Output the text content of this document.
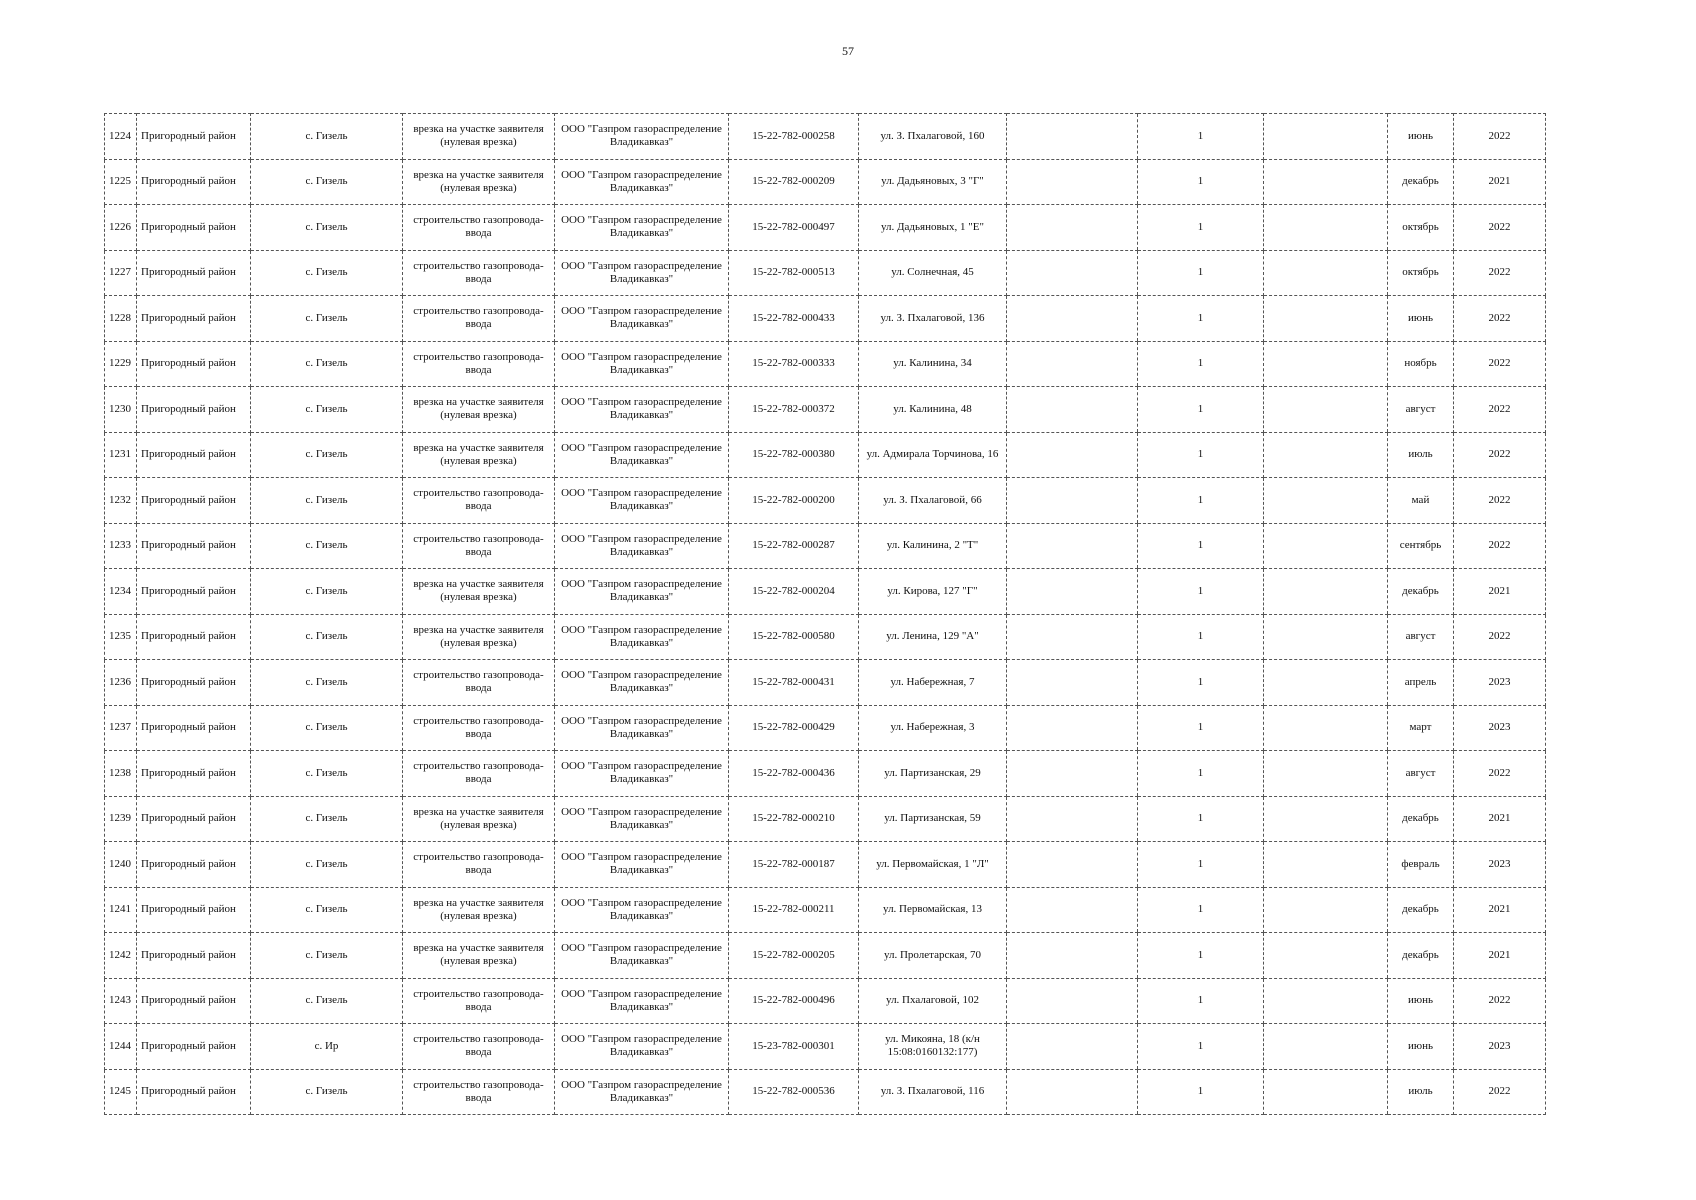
57
1224	Пригородный район	с. Гизель	врезка на участке заявителя (нулевая врезка)	ООО "Газпром газораспределение Владикавказ"	15-22-782-000258	ул. З. Пхалаговой, 160		1		июнь	2022
1225	Пригородный район	с. Гизель	врезка на участке заявителя (нулевая врезка)	ООО "Газпром газораспределение Владикавказ"	15-22-782-000209	ул. Дадьяновых, 3 "Г"		1		декабрь	2021
1226	Пригородный район	с. Гизель	строительство газопровода-ввода	ООО "Газпром газораспределение Владикавказ"	15-22-782-000497	ул. Дадьяновых, 1 "Е"		1		октябрь	2022
1227	Пригородный район	с. Гизель	строительство газопровода-ввода	ООО "Газпром газораспределение Владикавказ"	15-22-782-000513	ул. Солнечная, 45		1		октябрь	2022
1228	Пригородный район	с. Гизель	строительство газопровода-ввода	ООО "Газпром газораспределение Владикавказ"	15-22-782-000433	ул. З. Пхалаговой, 136		1		июнь	2022
1229	Пригородный район	с. Гизель	строительство газопровода-ввода	ООО "Газпром газораспределение Владикавказ"	15-22-782-000333	ул. Калинина, 34		1		ноябрь	2022
1230	Пригородный район	с. Гизель	врезка на участке заявителя (нулевая врезка)	ООО "Газпром газораспределение Владикавказ"	15-22-782-000372	ул. Калинина, 48		1		август	2022
1231	Пригородный район	с. Гизель	врезка на участке заявителя (нулевая врезка)	ООО "Газпром газораспределение Владикавказ"	15-22-782-000380	ул. Адмирала Торчинова, 16		1		июль	2022
1232	Пригородный район	с. Гизель	строительство газопровода-ввода	ООО "Газпром газораспределение Владикавказ"	15-22-782-000200	ул. З. Пхалаговой, 66		1		май	2022
1233	Пригородный район	с. Гизель	строительство газопровода-ввода	ООО "Газпром газораспределение Владикавказ"	15-22-782-000287	ул. Калинина, 2 "Т"		1		сентябрь	2022
1234	Пригородный район	с. Гизель	врезка на участке заявителя (нулевая врезка)	ООО "Газпром газораспределение Владикавказ"	15-22-782-000204	ул. Кирова, 127 "Г"		1		декабрь	2021
1235	Пригородный район	с. Гизель	врезка на участке заявителя (нулевая врезка)	ООО "Газпром газораспределение Владикавказ"	15-22-782-000580	ул. Ленина, 129 "А"		1		август	2022
1236	Пригородный район	с. Гизель	строительство газопровода-ввода	ООО "Газпром газораспределение Владикавказ"	15-22-782-000431	ул. Набережная, 7		1		апрель	2023
1237	Пригородный район	с. Гизель	строительство газопровода-ввода	ООО "Газпром газораспределение Владикавказ"	15-22-782-000429	ул. Набережная, 3		1		март	2023
1238	Пригородный район	с. Гизель	строительство газопровода-ввода	ООО "Газпром газораспределение Владикавказ"	15-22-782-000436	ул. Партизанская, 29		1		август	2022
1239	Пригородный район	с. Гизель	врезка на участке заявителя (нулевая врезка)	ООО "Газпром газораспределение Владикавказ"	15-22-782-000210	ул. Партизанская, 59		1		декабрь	2021
1240	Пригородный район	с. Гизель	строительство газопровода-ввода	ООО "Газпром газораспределение Владикавказ"	15-22-782-000187	ул. Первомайская, 1 "Л"		1		февраль	2023
1241	Пригородный район	с. Гизель	врезка на участке заявителя (нулевая врезка)	ООО "Газпром газораспределение Владикавказ"	15-22-782-000211	ул. Первомайская, 13		1		декабрь	2021
1242	Пригородный район	с. Гизель	врезка на участке заявителя (нулевая врезка)	ООО "Газпром газораспределение Владикавказ"	15-22-782-000205	ул. Пролетарская, 70		1		декабрь	2021
1243	Пригородный район	с. Гизель	строительство газопровода-ввода	ООО "Газпром газораспределение Владикавказ"	15-22-782-000496	ул. Пхалаговой, 102		1		июнь	2022
1244	Пригородный район	с. Ир	строительство газопровода-ввода	ООО "Газпром газораспределение Владикавказ"	15-23-782-000301	ул. Микояна, 18 (к/н 15:08:0160132:177)		1		июнь	2023
1245	Пригородный район	с. Гизель	строительство газопровода-ввода	ООО "Газпром газораспределение Владикавказ"	15-22-782-000536	ул. З. Пхалаговой, 116		1		июль	2022
